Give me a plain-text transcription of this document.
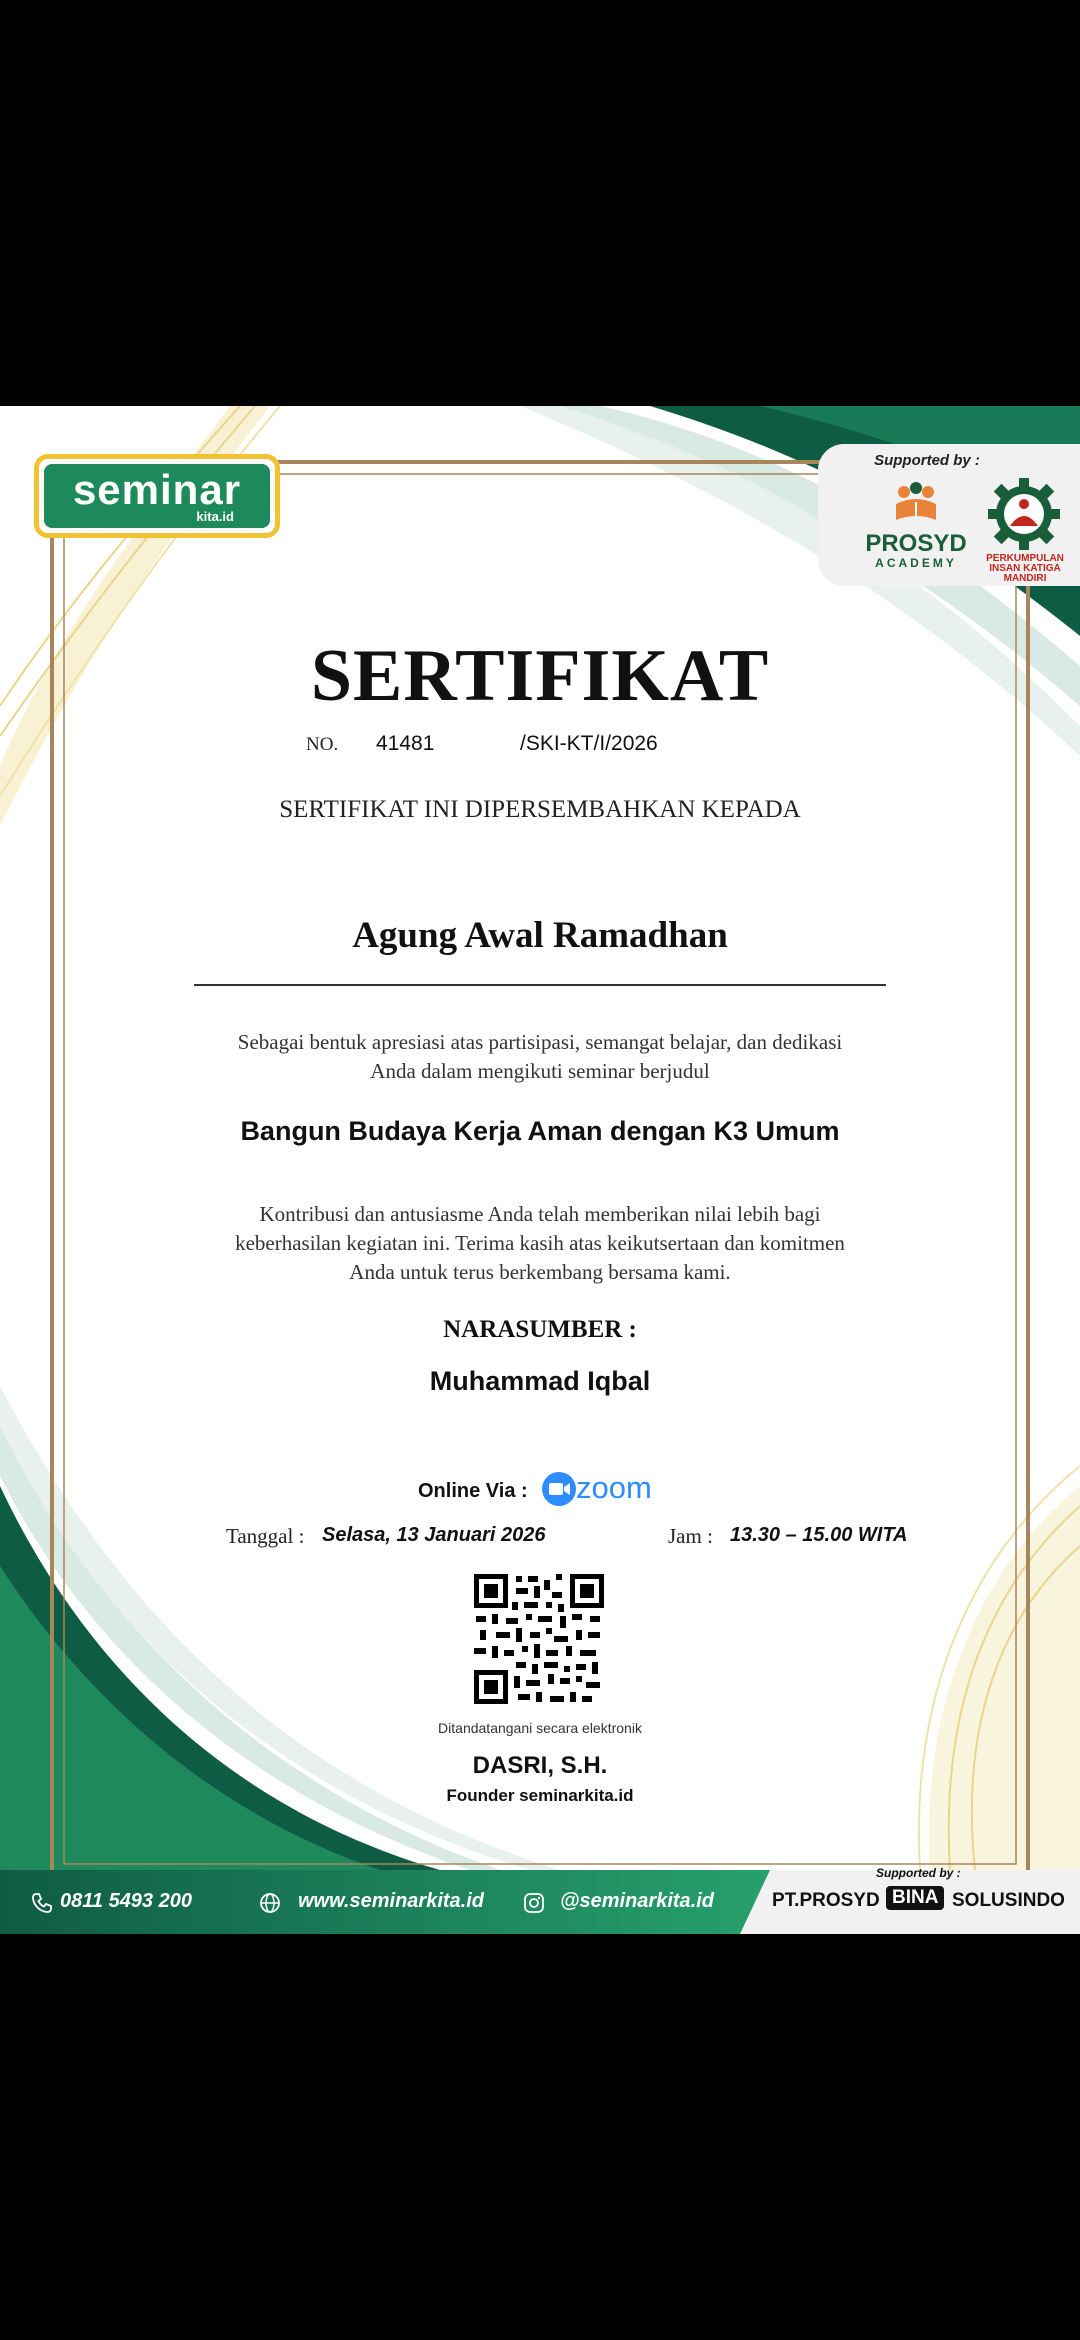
seminar
kita.id
Supported by :
PROSYD
ACADEMY	PERKUMPULAN INSAN KATIGA MANDIRI
SERTIFIKAT
NO. 41481	/SKI-KT/I/2026
SERTIFIKAT INI DIPERSEMBAHKAN KEPADA
Agung Awal Ramadhan
Sebagai bentuk apresiasi atas partisipasi, semangat belajar, dan dedikasi
Anda dalam mengikuti seminar berjudul
Bangun Budaya Kerja Aman dengan K3 Umum
Kontribusi dan antusiasme Anda telah memberikan nilai lebih bagi
keberhasilan kegiatan ini. Terima kasih atas keikutsertaan dan komitmen
Anda untuk terus berkembang bersama kami.
NARASUMBER :
Muhammad Iqbal
Online Via : zoom
Tanggal : Selasa, 13 Januari 2026	Jam : 13.30 – 15.00 WITA
Ditandatangani secara elektronik
DASRI, S.H.
Founder seminarkita.id
0811 5493 200	www.seminarkita.id	@seminarkita.id
Supported by :
PT.PROSYD BINA SOLUSINDO
